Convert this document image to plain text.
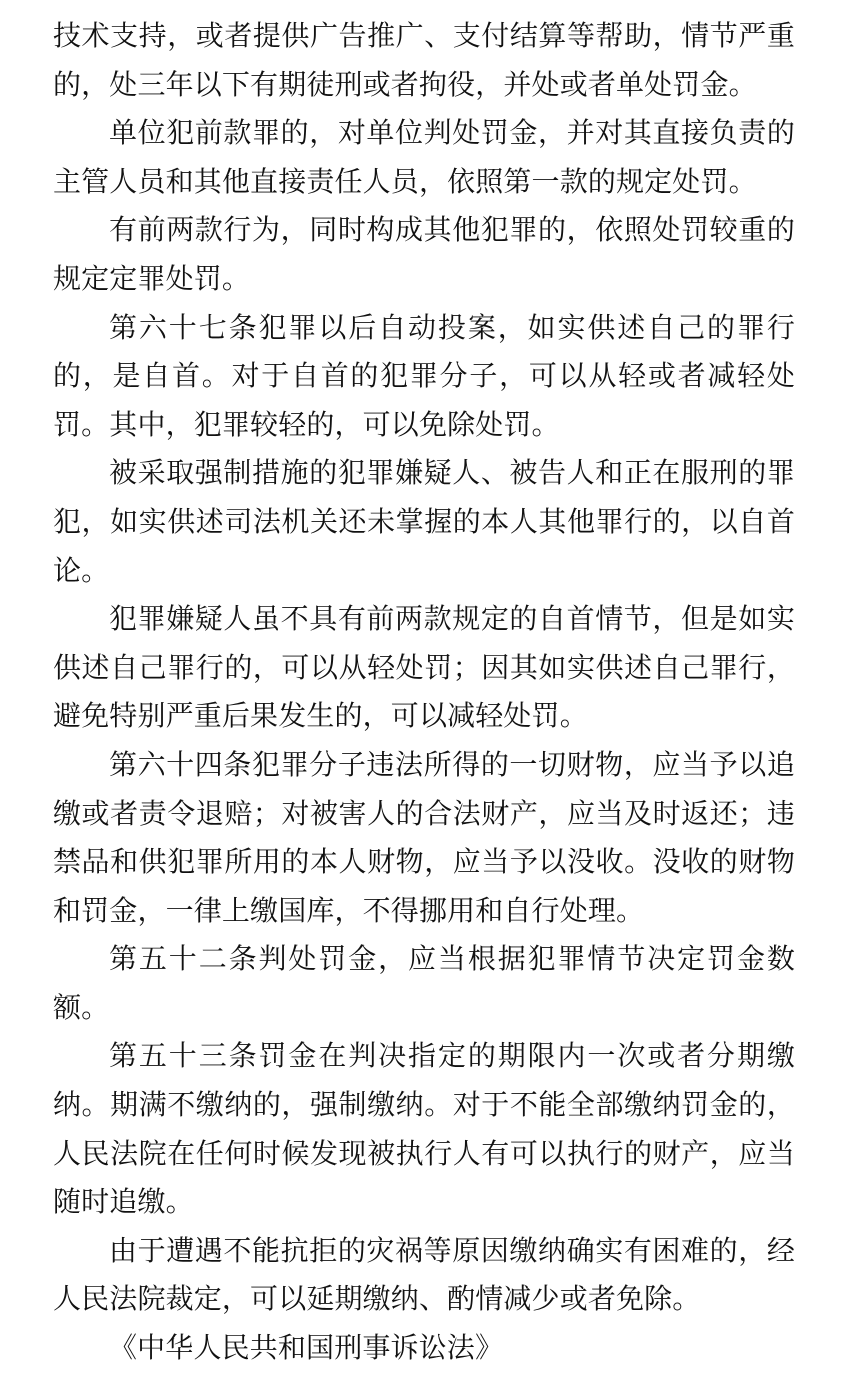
技术支持，或者提供广告推广、支付结算等帮助，情节严重的，处三年以下有期徒刑或者拘役，并处或者单处罚金。

单位犯前款罪的，对单位判处罚金，并对其直接负责的主管人员和其他直接责任人员，依照第一款的规定处罚。

有前两款行为，同时构成其他犯罪的，依照处罚较重的规定定罪处罚。

第六十七条犯罪以后自动投案，如实供述自己的罪行的，是自首。对于自首的犯罪分子，可以从轻或者减轻处罚。其中，犯罪较轻的，可以免除处罚。

被采取强制措施的犯罪嫌疑人、被告人和正在服刑的罪犯，如实供述司法机关还未掌握的本人其他罪行的，以自首论。

犯罪嫌疑人虽不具有前两款规定的自首情节，但是如实供述自己罪行的，可以从轻处罚；因其如实供述自己罪行，避免特别严重后果发生的，可以减轻处罚。

第六十四条犯罪分子违法所得的一切财物，应当予以追缴或者责令退赔；对被害人的合法财产，应当及时返还；违禁品和供犯罪所用的本人财物，应当予以没收。没收的财物和罚金，一律上缴国库，不得挪用和自行处理。

第五十二条判处罚金，应当根据犯罪情节决定罚金数额。

第五十三条罚金在判决指定的期限内一次或者分期缴纳。期满不缴纳的，强制缴纳。对于不能全部缴纳罚金的，人民法院在任何时候发现被执行人有可以执行的财产，应当随时追缴。

由于遭遇不能抗拒的灾祸等原因缴纳确实有困难的，经人民法院裁定，可以延期缴纳、酌情减少或者免除。

《中华人民共和国刑事诉讼法》
